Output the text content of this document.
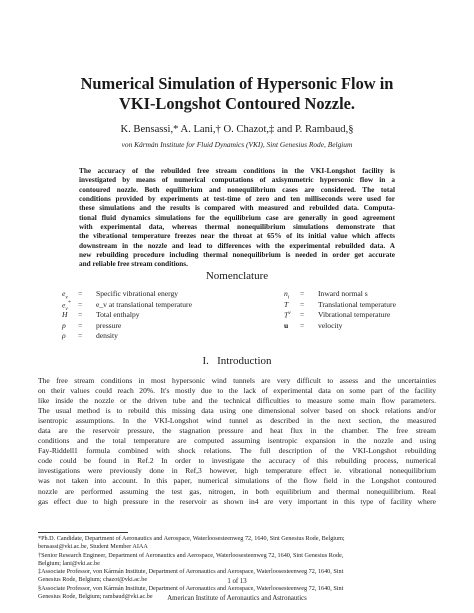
Numerical Simulation of Hypersonic Flow in
VKI-Longshot Contoured Nozzle.
K. Bensassi,* A. Lani,† O. Chazot,‡ and P. Rambaud,§
von Kármán Institute for Fluid Dynamics (VKI), Sint Genesius Rode, Belgium
The accuracy of the rebuilded free stream conditions in the VKI-Longshot facility is
investigated by means of numerical computations of axisymmetric hypersonic flow in a
contoured nozzle. Both equilibrium and nonequilibrium cases are considered. The total
conditions provided by experiments at test-time of zero and ten milliseconds were used for
these simulations and the results is compared with measured and rebuilded data. Computa-
tional fluid dynamics simulations for the equilibrium case are generally in good agreement
with experimental data, whereas thermal nonequilibrium simulations demonstrate that
the vibrational temperature freezes near the throat at 65% of its initial value which affects
downstream in the nozzle and lead to differences with the experimental rebuilded data. A
new rebuilding procedure including thermal nonequilibrium is needed in order get accurate
and reliable free stream conditions.
Nomenclature
$e_v$ = Specific vibrational energy
$e_v^*$ = e_v at translational temperature
H = Total enthalpy
p = pressure
ρ = density
$n_i$ = Inward normal s
T = Translational temperature
$T^v$ = Vibrational temperature
u = velocity
I. Introduction
The free stream conditions in most hypersonic wind tunnels are very difficult to assess and the uncertainties
on their values could reach 20%. It's mostly due to the lack of experimental data on some part of the facility
like inside the nozzle or the driven tube and the technical difficulties to measure some main flow parameters.
The usual method is to rebuild this missing data using one dimensional solver based on shock relations and/or
isentropic assumptions. In the VKI-Longshot wind tunnel as described in the next section, the measured
data are the reservoir pressure, the stagnation pressure and heat flux in the chamber. The free stream
conditions and the total temperature are computed assuming isentropic expansion in the nozzle and using
Fay-Riddell1 formula combined with shock relations. The full description of the VKI-Longshot rebuilding
code could be found in Ref.2 In order to investigate the accuracy of this rebuilding process, numerical
investigations were previously done in Ref,3 however, high temperature effect ie. vibrational nonequilibrium
was not taken into account. In this paper, numerical simulations of the flow field in the Longshot contoured
nozzle are performed assuming the test gas, nitrogen, in both equilibrium and thermal nonequilibrium. Real
gas effect due to high pressure in the reservoir as shown in4 are very important in this type of facility where
*Ph.D. Candidate, Department of Aeronautics and Aerospace, Waterloosesteenweg 72, 1640, Sint Genesius Rode, Belgium;
bensassi@vki.ac.be, Student Member AIAA
†Senior Research Engineer, Department of Aeronautics and Aerospace, Waterloosesteenweg 72, 1640, Sint Genesius Rode,
Belgium; lani@vki.ac.be
‡Associate Professor, von Kármán Institute, Department of Aeronautics and Aerospace, Waterloosesteenweg 72, 1640, Sint
Genesius Rode, Belgium; chazot@vki.ac.be
§Associate Professor, von Kármán Institute, Department of Aeronautics and Aerospace, Waterloosesteenweg 72, 1640, Sint
Genesius Rode, Belgium; rambaud@vki.ac.be
1 of 13
American Institute of Aeronautics and Astronautics
